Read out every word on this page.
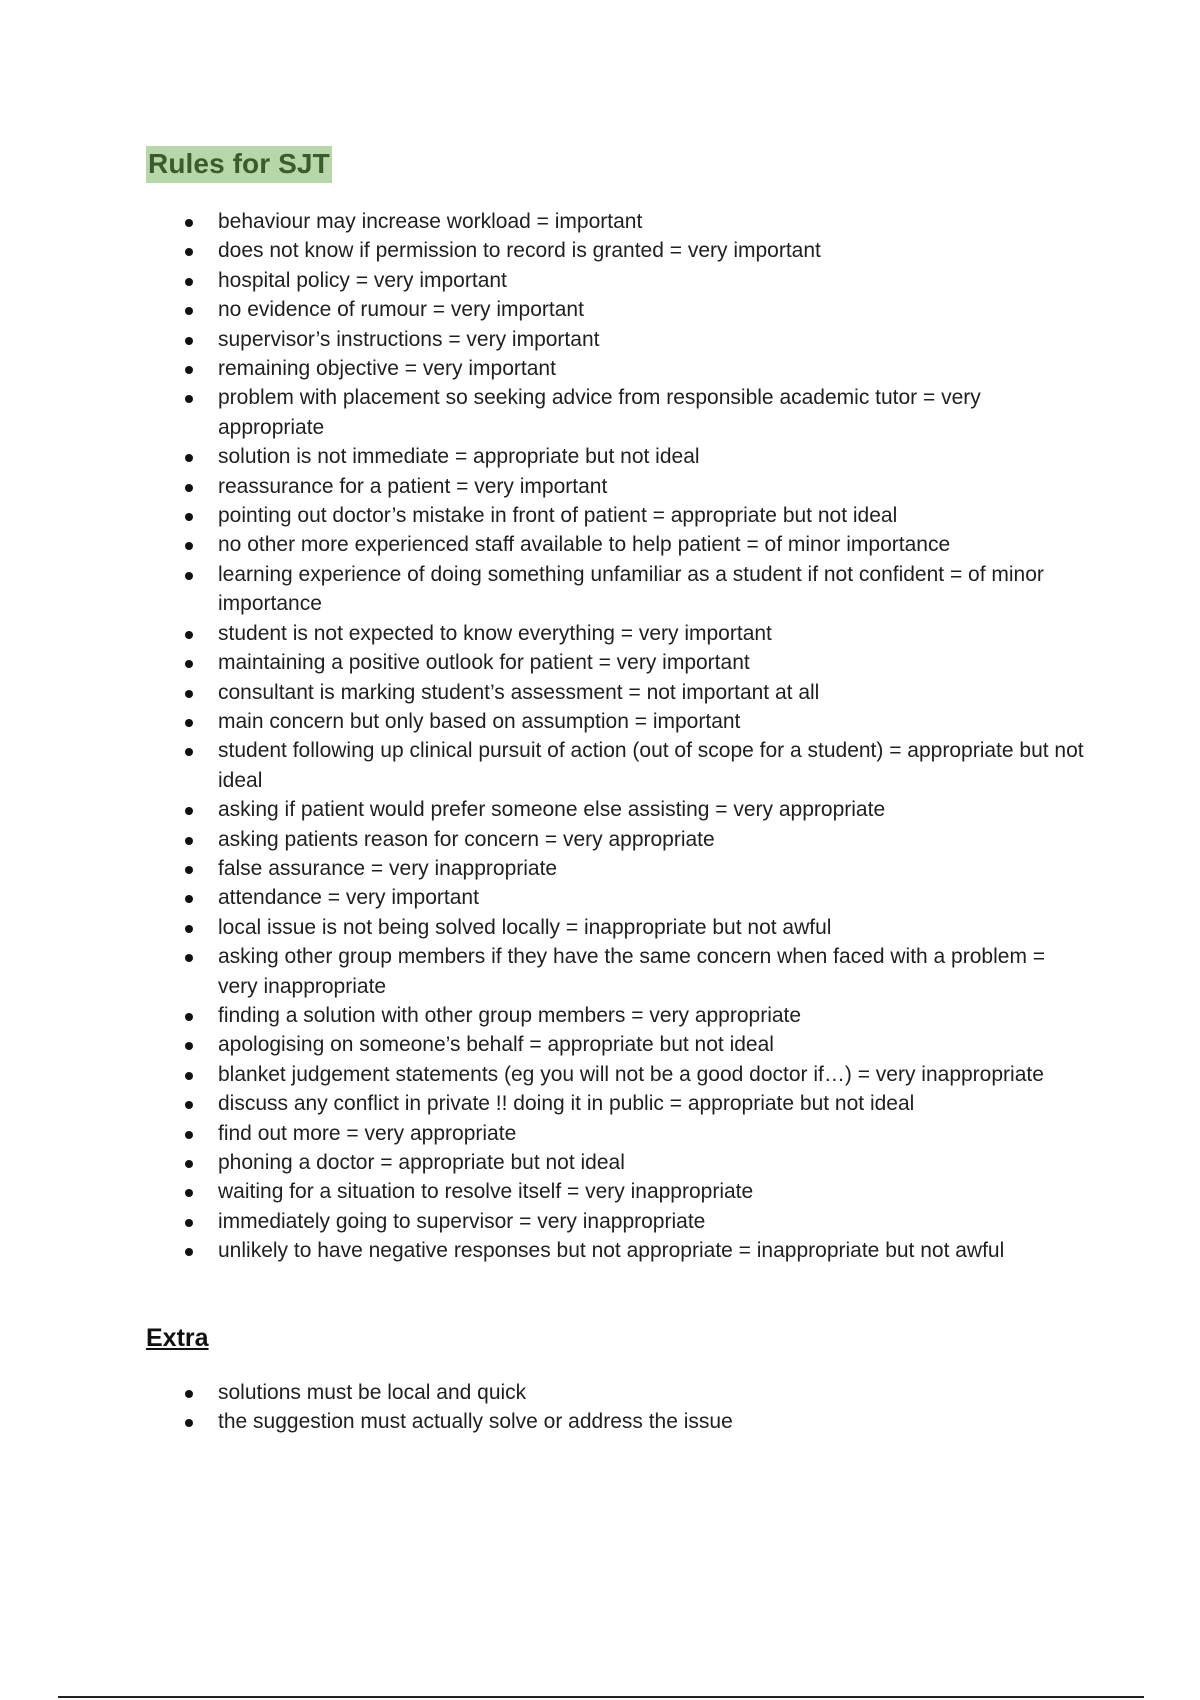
Rules for SJT
behaviour may increase workload = important
does not know if permission to record is granted = very important
hospital policy = very important
no evidence of rumour = very important
supervisor’s instructions = very important
remaining objective = very important
problem with placement so seeking advice from responsible academic tutor = very appropriate
solution is not immediate = appropriate but not ideal
reassurance for a patient = very important
pointing out doctor’s mistake in front of patient = appropriate but not ideal
no other more experienced staff available to help patient = of minor importance
learning experience of doing something unfamiliar as a student if not confident = of minor importance
student is not expected to know everything = very important
maintaining a positive outlook for patient = very important
consultant is marking student’s assessment = not important at all
main concern but only based on assumption = important
student following up clinical pursuit of action (out of scope for a student) = appropriate but not ideal
asking if patient would prefer someone else assisting = very appropriate
asking patients reason for concern = very appropriate
false assurance = very inappropriate
attendance = very important
local issue is not being solved locally = inappropriate but not awful
asking other group members if they have the same concern when faced with a problem = very inappropriate
finding a solution with other group members = very appropriate
apologising on someone’s behalf = appropriate but not ideal
blanket judgement statements (eg you will not be a good doctor if…) = very inappropriate
discuss any conflict in private !! doing it in public = appropriate but not ideal
find out more = very appropriate
phoning a doctor = appropriate but not ideal
waiting for a situation to resolve itself = very inappropriate
immediately going to supervisor = very inappropriate
unlikely to have negative responses but not appropriate = inappropriate but not awful
Extra
solutions must be local and quick
the suggestion must actually solve or address the issue
